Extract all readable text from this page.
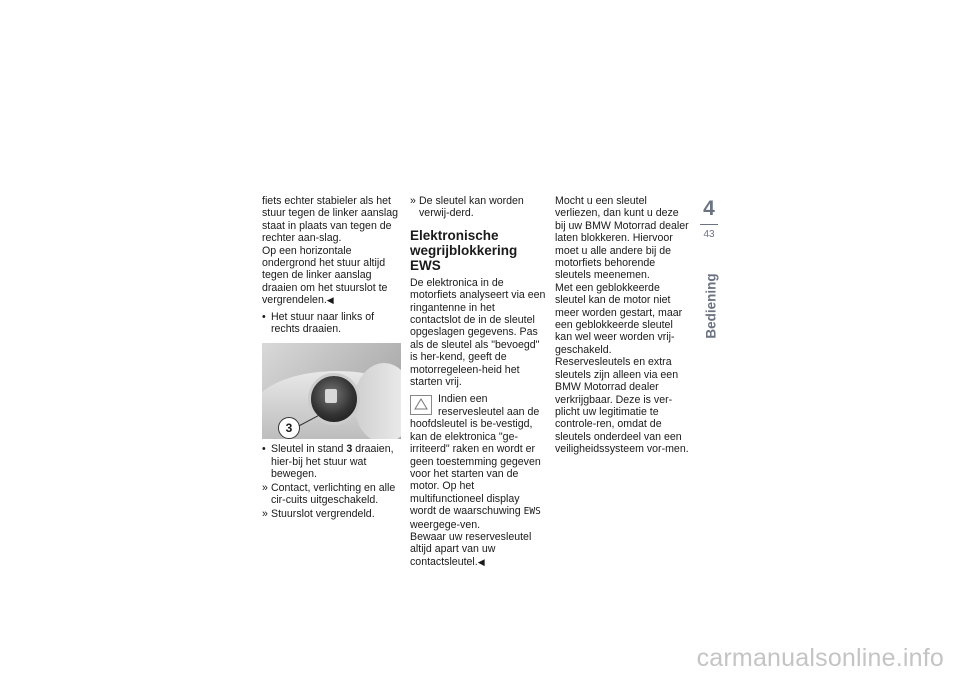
fiets echter stabieler als het stuur tegen de linker aanslag staat in plaats van tegen de rechter aan-slag.

Op een horizontale ondergrond het stuur altijd tegen de linker aanslag draaien om het stuurslot te vergrendelen.◀

• Het stuur naar links of rechts draaien.
3
• Sleutel in stand 3 draaien, hier-bij het stuur wat bewegen.
» Contact, verlichting en alle cir-cuits uitgeschakeld.
» Stuurslot vergrendeld.
» De sleutel kan worden verwij-derd.
Elektronische wegrijblokkering EWS

De elektronica in de motorfiets analyseert via een ringantenne in het contactslot de in de sleutel opgeslagen gegevens. Pas als de sleutel als "bevoegd" is her-kend, geeft de motorregeleen-heid het starten vrij.

Indien een reservesleutel aan de hoofdsleutel is be-vestigd, kan de elektronica "ge-irriteerd" raken en wordt er geen toestemming gegeven voor het starten van de motor. Op het multifunctioneel display wordt de waarschuwing EWS weergege-ven.

Bewaar uw reservesleutel altijd apart van uw contactsleutel.◀

Mocht u een sleutel verliezen, dan kunt u deze bij uw BMW Motorrad dealer laten blokkeren. Hiervoor moet u alle andere bij de motorfiets behorende sleutels meenemen.

Met een geblokkeerde sleutel kan de motor niet meer worden gestart, maar een geblokkeerde sleutel kan wel weer worden vrij-geschakeld.

Reservesleutels en extra sleutels zijn alleen via een BMW Motorrad dealer verkrijgbaar. Deze is ver-plicht uw legitimatie te controle-ren, omdat de sleutels onderdeel van een veiligheidssysteem vor-men.

4
43
Bediening
carmanualsonline.info
